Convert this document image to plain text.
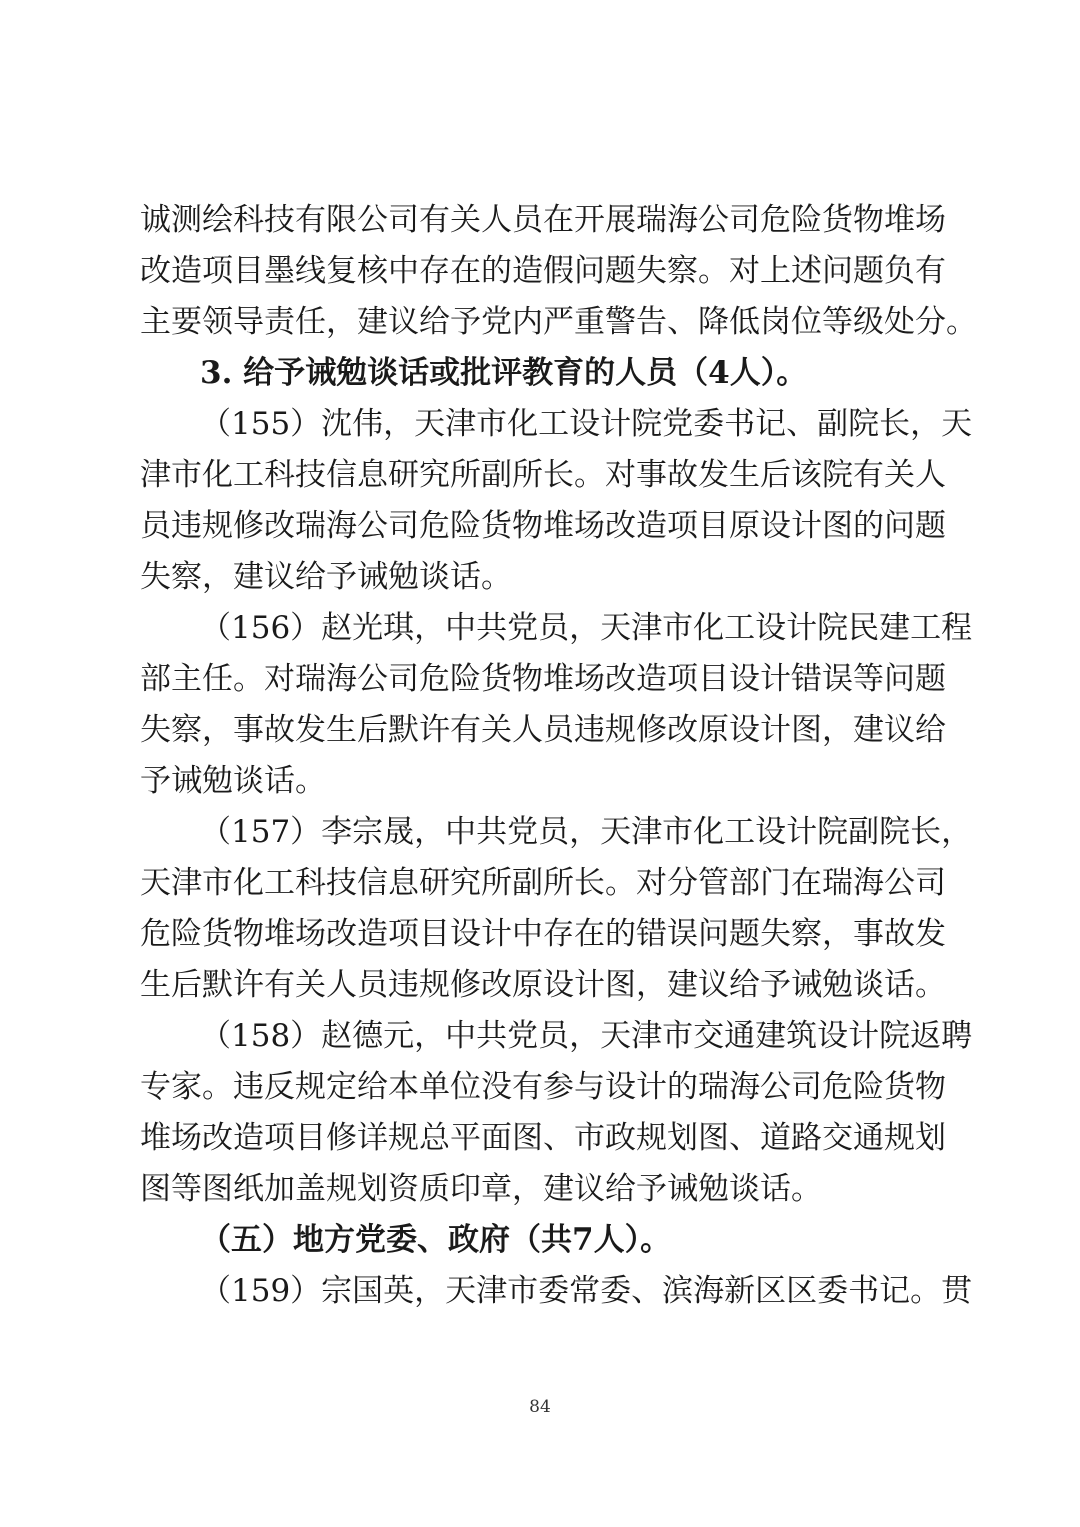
诚测绘科技有限公司有关人员在开展瑞海公司危险货物堆场
改造项目墨线复核中存在的造假问题失察。对上述问题负有
主要领导责任，建议给予党内严重警告、降低岗位等级处分。
3. 给予诫勉谈话或批评教育的人员（4人）。
（155）沈伟，天津市化工设计院党委书记、副院长，天
津市化工科技信息研究所副所长。对事故发生后该院有关人
员违规修改瑞海公司危险货物堆场改造项目原设计图的问题
失察，建议给予诫勉谈话。
（156）赵光琪，中共党员，天津市化工设计院民建工程
部主任。对瑞海公司危险货物堆场改造项目设计错误等问题
失察，事故发生后默许有关人员违规修改原设计图，建议给
予诫勉谈话。
（157）李宗晟，中共党员，天津市化工设计院副院长，
天津市化工科技信息研究所副所长。对分管部门在瑞海公司
危险货物堆场改造项目设计中存在的错误问题失察，事故发
生后默许有关人员违规修改原设计图，建议给予诫勉谈话。
（158）赵德元，中共党员，天津市交通建筑设计院返聘
专家。违反规定给本单位没有参与设计的瑞海公司危险货物
堆场改造项目修详规总平面图、市政规划图、道路交通规划
图等图纸加盖规划资质印章，建议给予诫勉谈话。
（五）地方党委、政府（共7人）。
（159）宗国英，天津市委常委、滨海新区区委书记。贯
84
